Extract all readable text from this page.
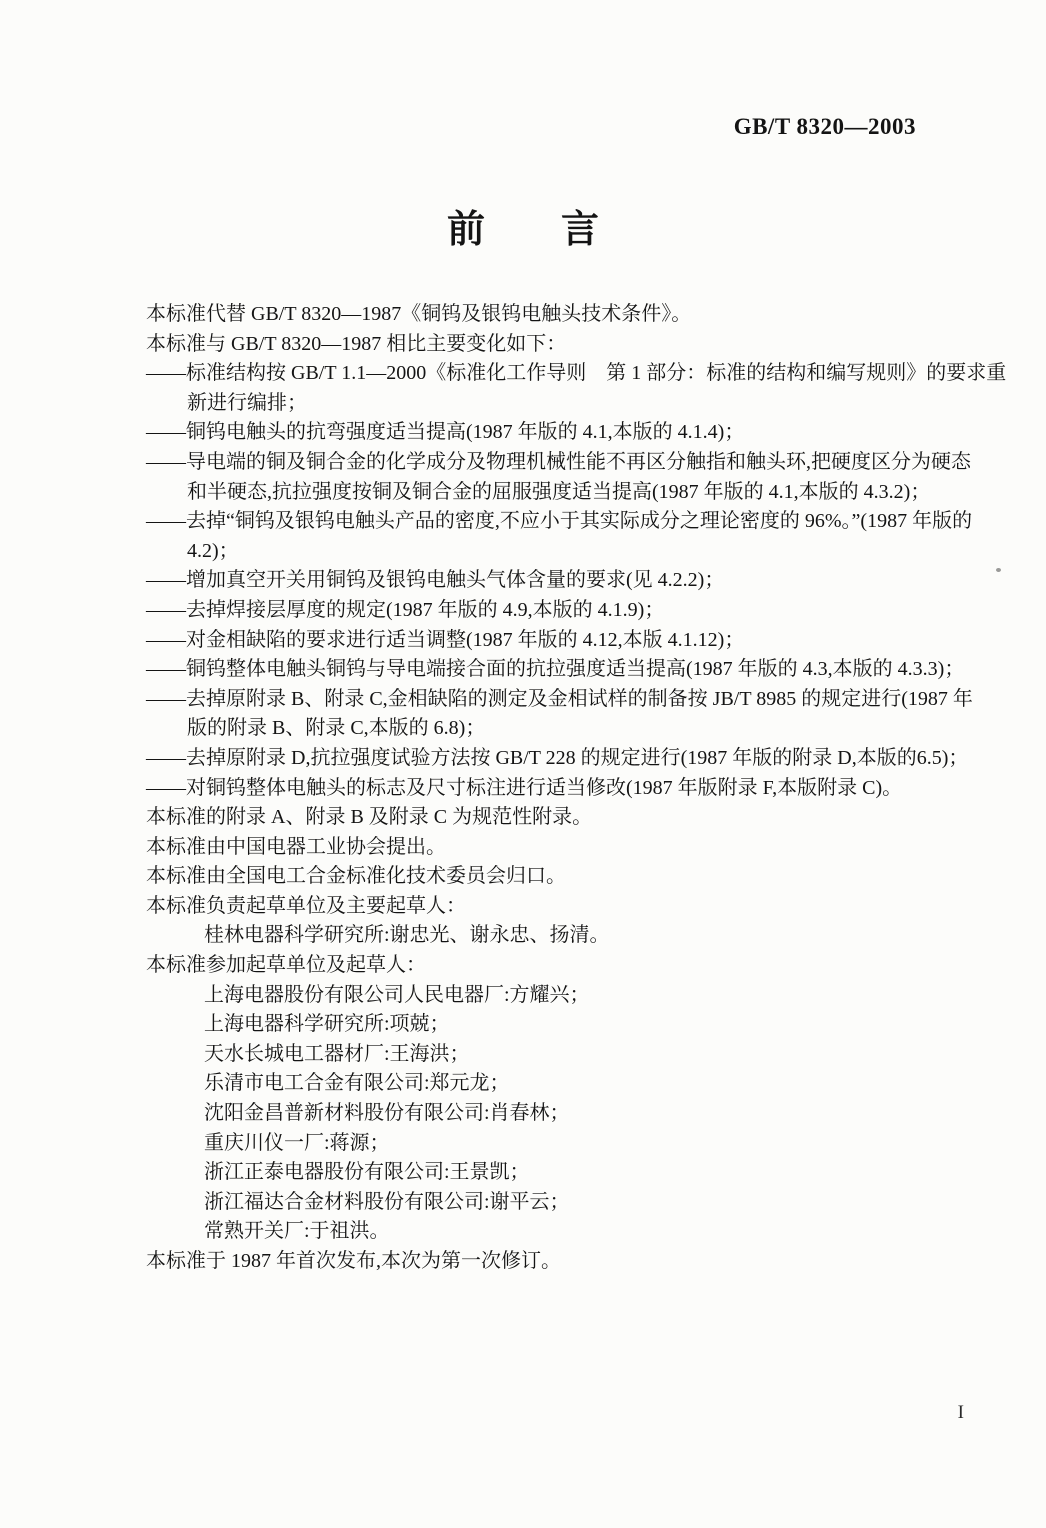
GB/T 8320—2003
前　　言
本标准代替 GB/T 8320—1987《铜钨及银钨电触头技术条件》。
本标准与 GB/T 8320—1987 相比主要变化如下：
——标准结构按 GB/T 1.1—2000《标准化工作导则　第 1 部分：标准的结构和编写规则》的要求重
新进行编排；
——铜钨电触头的抗弯强度适当提高(1987 年版的 4.1,本版的 4.1.4)；
——导电端的铜及铜合金的化学成分及物理机械性能不再区分触指和触头环,把硬度区分为硬态
和半硬态,抗拉强度按铜及铜合金的屈服强度适当提高(1987 年版的 4.1,本版的 4.3.2)；
——去掉“铜钨及银钨电触头产品的密度,不应小于其实际成分之理论密度的 96%。”(1987 年版的
4.2)；
——增加真空开关用铜钨及银钨电触头气体含量的要求(见 4.2.2)；
——去掉焊接层厚度的规定(1987 年版的 4.9,本版的 4.1.9)；
——对金相缺陷的要求进行适当调整(1987 年版的 4.12,本版 4.1.12)；
——铜钨整体电触头铜钨与导电端接合面的抗拉强度适当提高(1987 年版的 4.3,本版的 4.3.3)；
——去掉原附录 B、附录 C,金相缺陷的测定及金相试样的制备按 JB/T 8985 的规定进行(1987 年
版的附录 B、附录 C,本版的 6.8)；
——去掉原附录 D,抗拉强度试验方法按 GB/T 228 的规定进行(1987 年版的附录 D,本版的6.5)；
——对铜钨整体电触头的标志及尺寸标注进行适当修改(1987 年版附录 F,本版附录 C)。
本标准的附录 A、附录 B 及附录 C 为规范性附录。
本标准由中国电器工业协会提出。
本标准由全国电工合金标准化技术委员会归口。
本标准负责起草单位及主要起草人：
桂林电器科学研究所:谢忠光、谢永忠、扬清。
本标准参加起草单位及起草人：
上海电器股份有限公司人民电器厂:方耀兴；
上海电器科学研究所:项兢；
天水长城电工器材厂:王海洪；
乐清市电工合金有限公司:郑元龙；
沈阳金昌普新材料股份有限公司:肖春林；
重庆川仪一厂:蒋源；
浙江正泰电器股份有限公司:王景凯；
浙江福达合金材料股份有限公司:谢平云；
常熟开关厂:于祖洪。
本标准于 1987 年首次发布,本次为第一次修订。
I
